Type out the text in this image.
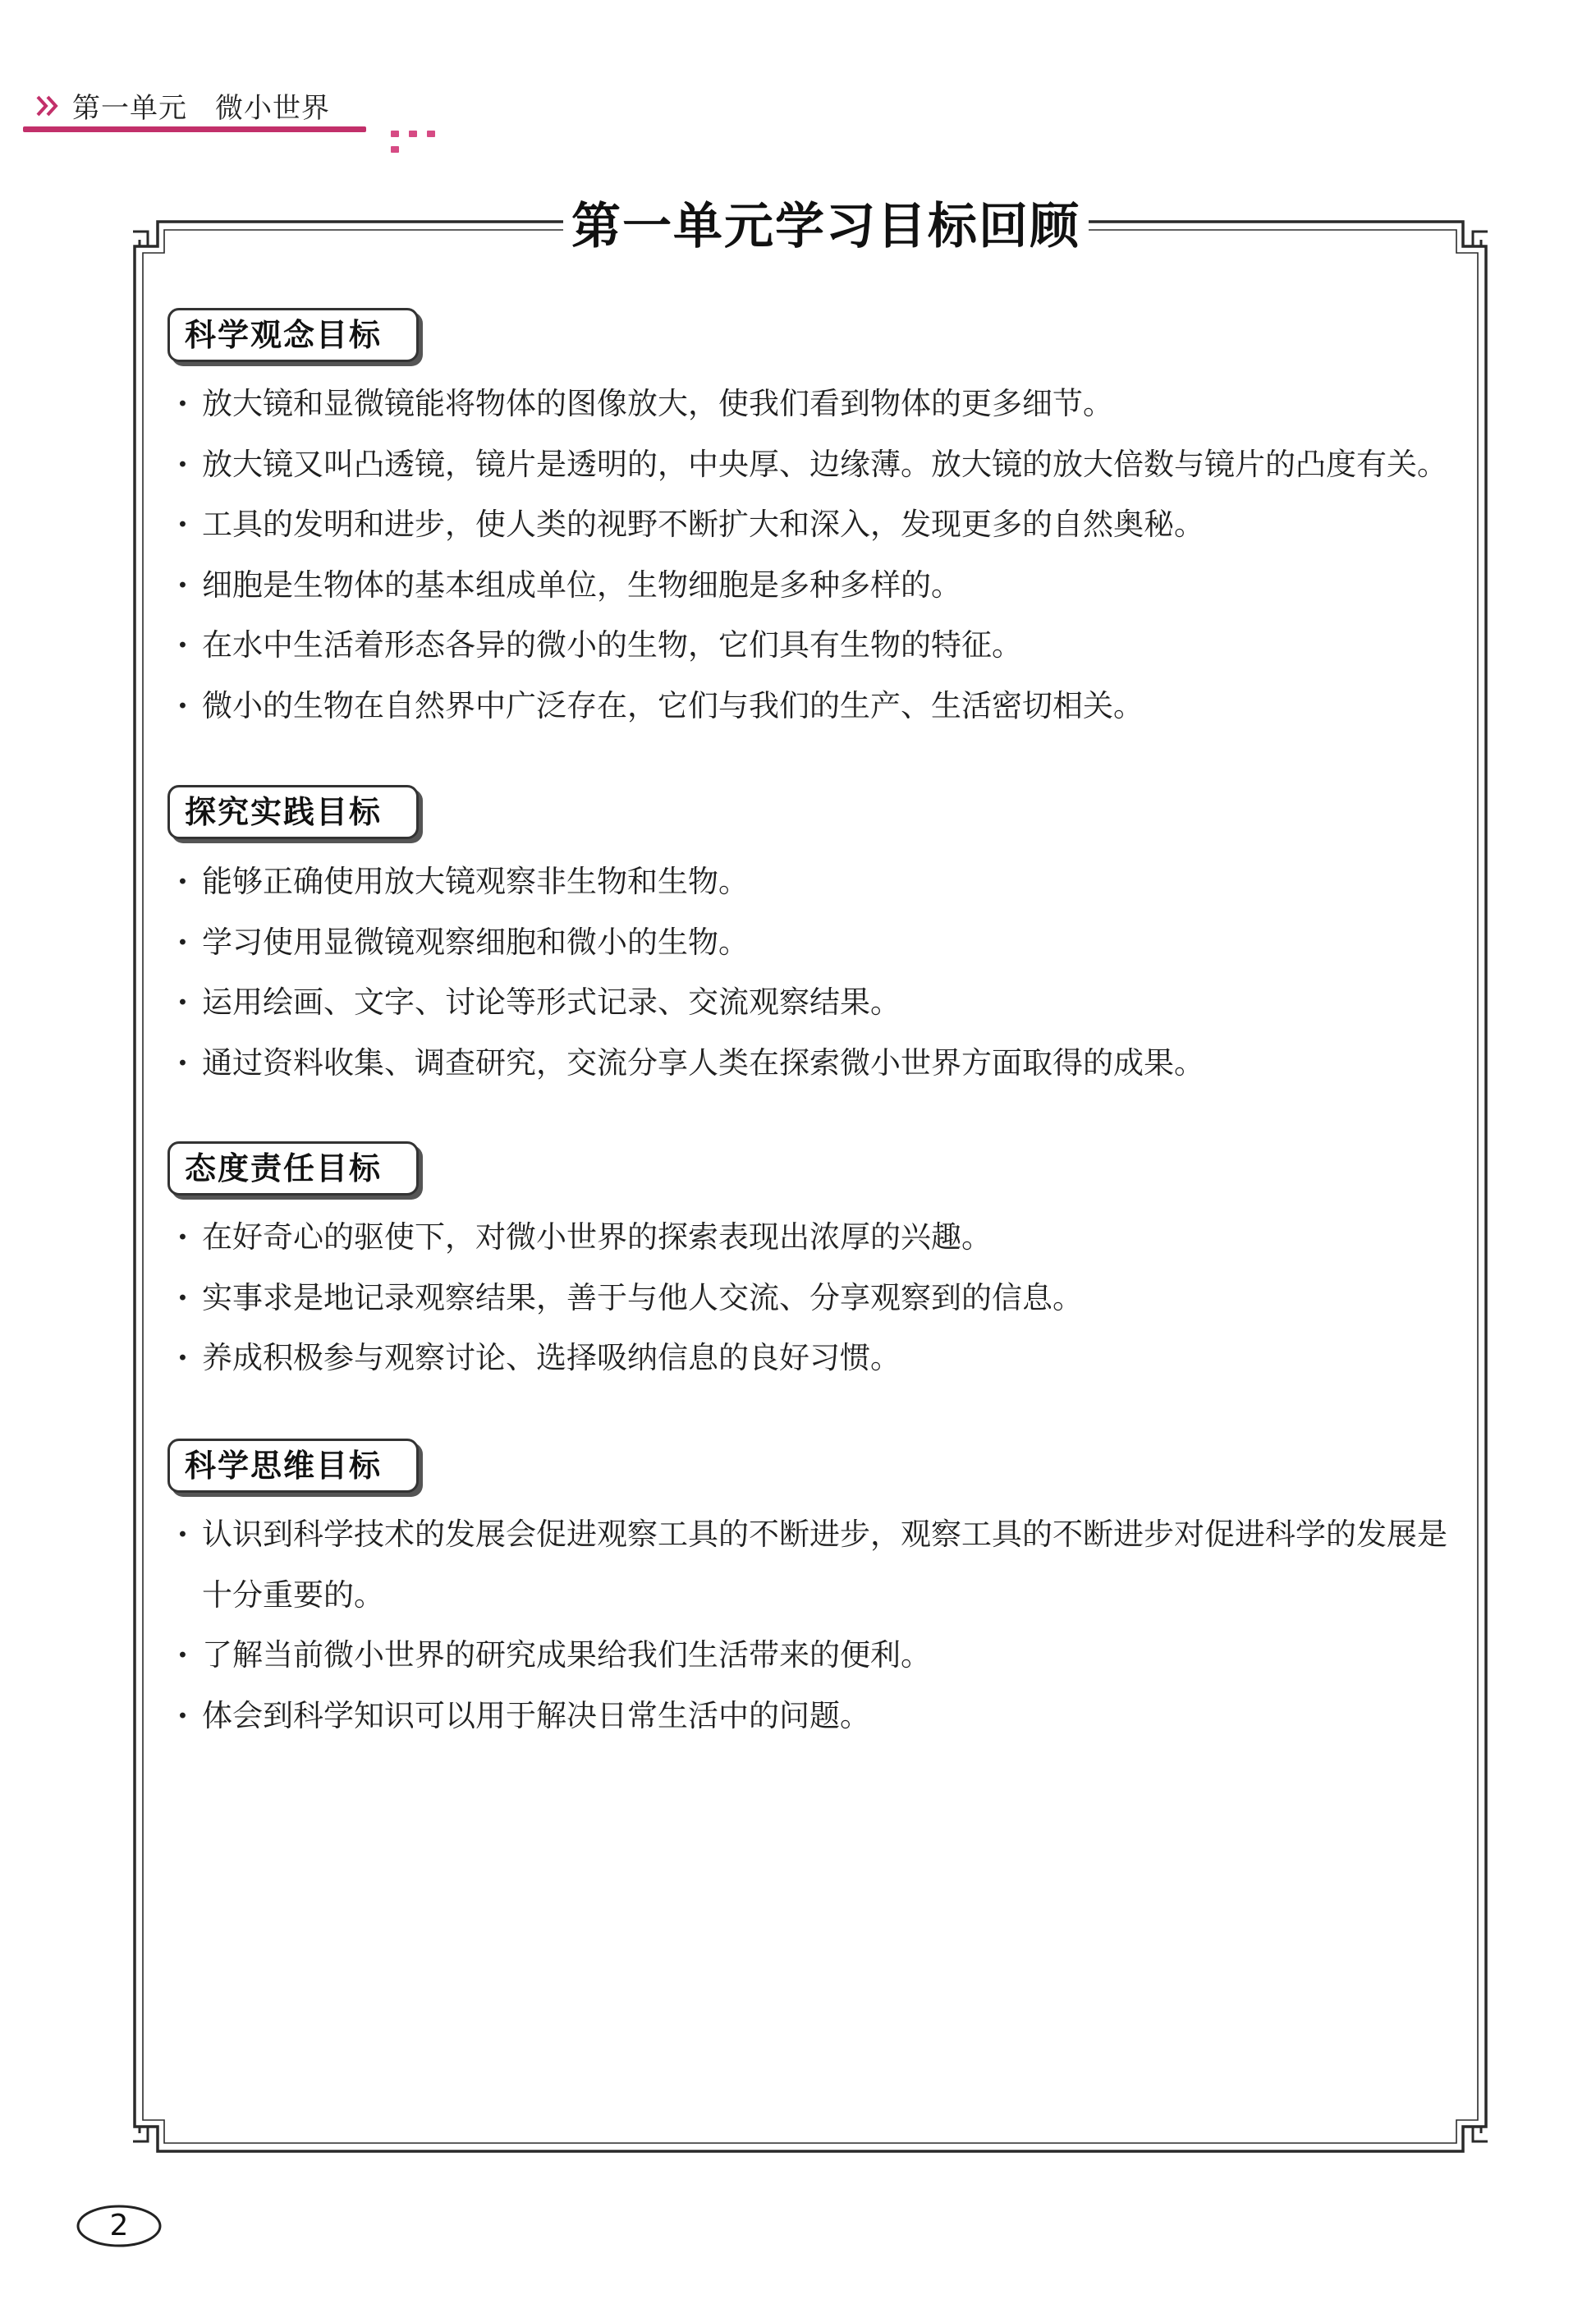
第一单元 微小世界
第一单元学习目标回顾
科学观念目标
· 放大镜和显微镜能将物体的图像放大，使我们看到物体的更多细节。
· 放大镜又叫凸透镜，镜片是透明的，中央厚、边缘薄。放大镜的放大倍数与镜片的凸度有关。
· 工具的发明和进步，使人类的视野不断扩大和深入，发现更多的自然奥秘。
· 细胞是生物体的基本组成单位，生物细胞是多种多样的。
· 在水中生活着形态各异的微小的生物，它们具有生物的特征。
· 微小的生物在自然界中广泛存在，它们与我们的生产、生活密切相关。
探究实践目标
· 能够正确使用放大镜观察非生物和生物。
· 学习使用显微镜观察细胞和微小的生物。
· 运用绘画、文字、讨论等形式记录、交流观察结果。
· 通过资料收集、调查研究，交流分享人类在探索微小世界方面取得的成果。
态度责任目标
· 在好奇心的驱使下，对微小世界的探索表现出浓厚的兴趣。
· 实事求是地记录观察结果，善于与他人交流、分享观察到的信息。
· 养成积极参与观察讨论、选择吸纳信息的良好习惯。
科学思维目标
· 认识到科学技术的发展会促进观察工具的不断进步，观察工具的不断进步对促进科学的发展是十分重要的。
· 了解当前微小世界的研究成果给我们生活带来的便利。
· 体会到科学知识可以用于解决日常生活中的问题。
2
